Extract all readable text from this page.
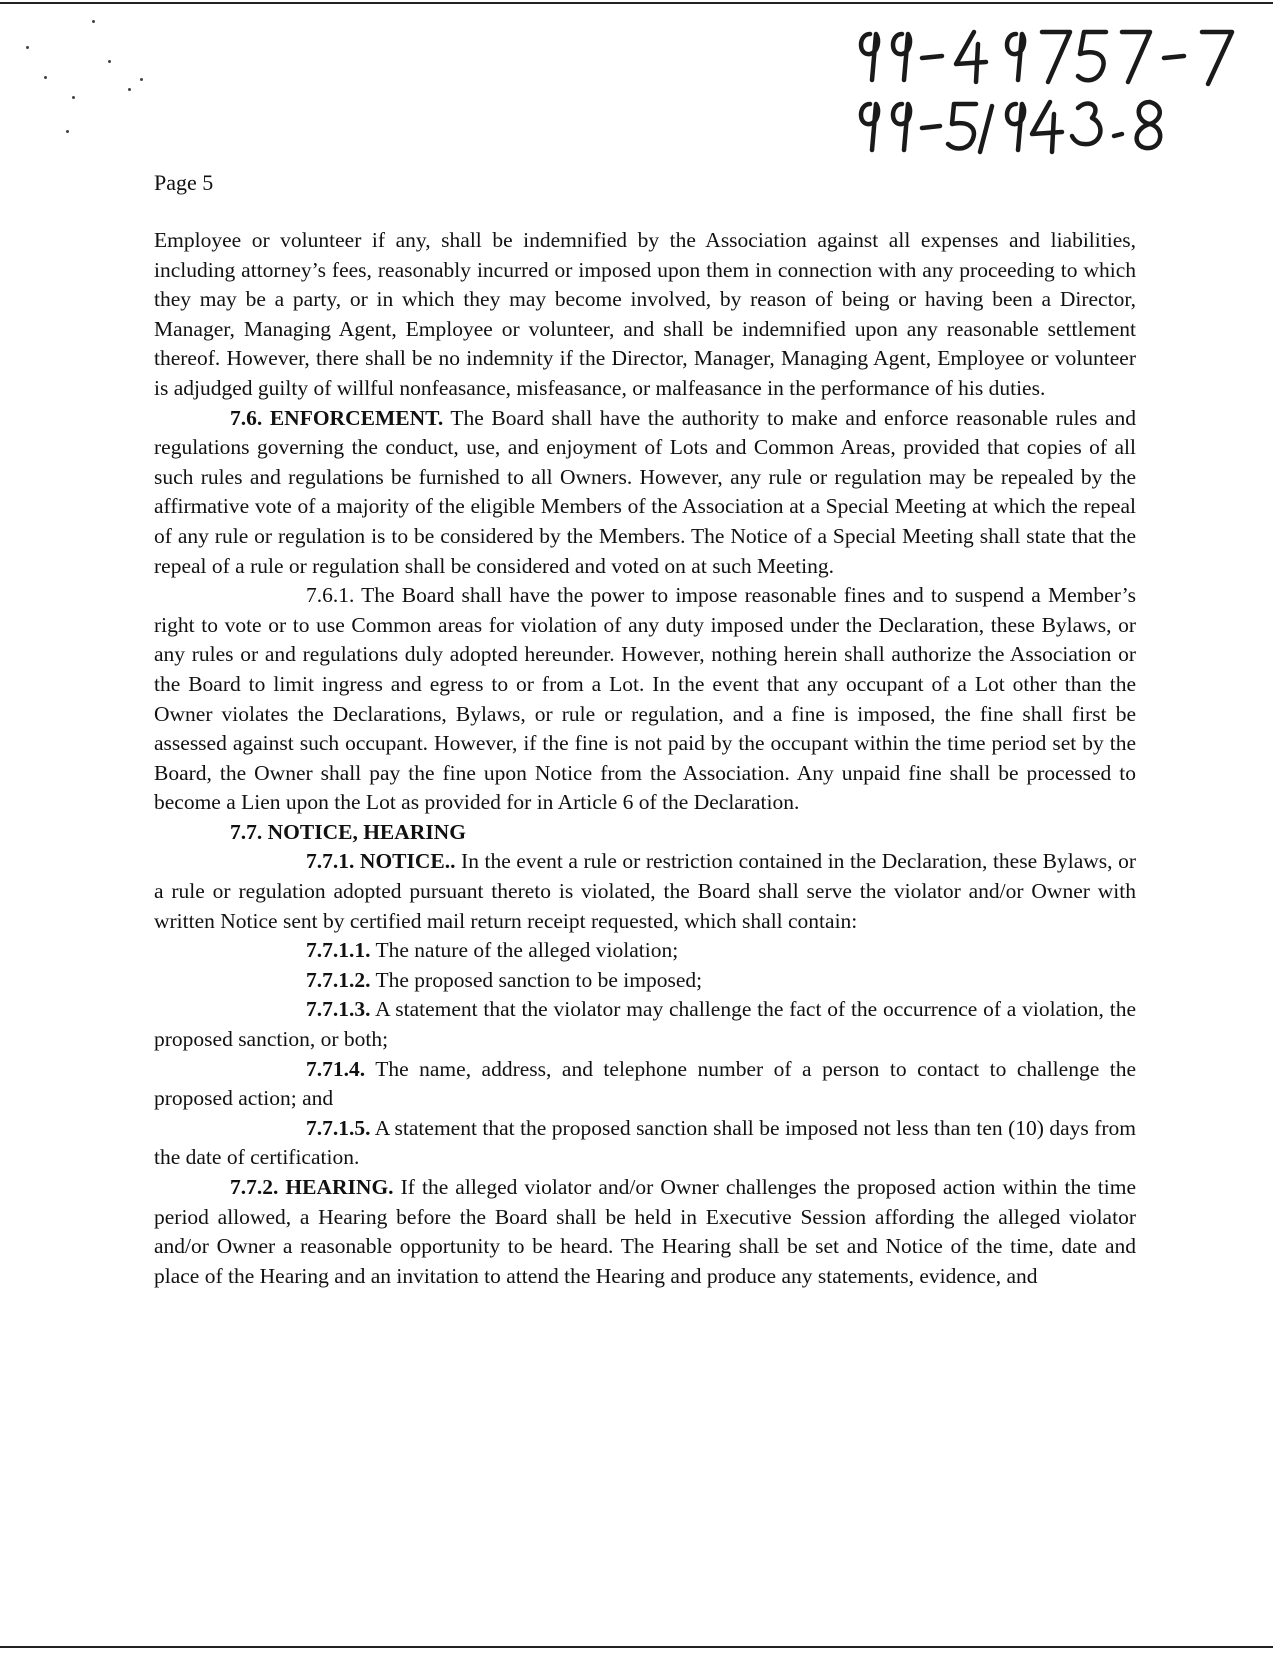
Page 5

Employee or volunteer if any, shall be indemnified by the Association against all expenses and liabilities, including attorney’s fees, reasonably incurred or imposed upon them in connection with any proceeding to which they may be a party, or in which they may become involved, by reason of being or having been a Director, Manager, Managing Agent, Employee or volunteer, and shall be indemnified upon any reasonable settlement thereof. However, there shall be no indemnity if the Director, Manager, Managing Agent, Employee or volunteer is adjudged guilty of willful nonfeasance, misfeasance, or malfeasance in the performance of his duties.

7.6. ENFORCEMENT. The Board shall have the authority to make and enforce reasonable rules and regulations governing the conduct, use, and enjoyment of Lots and Common Areas, provided that copies of all such rules and regulations be furnished to all Owners. However, any rule or regulation may be repealed by the affirmative vote of a majority of the eligible Members of the Association at a Special Meeting at which the repeal of any rule or regulation is to be considered by the Members. The Notice of a Special Meeting shall state that the repeal of a rule or regulation shall be considered and voted on at such Meeting.

7.6.1. The Board shall have the power to impose reasonable fines and to suspend a Member’s right to vote or to use Common areas for violation of any duty imposed under the Declaration, these Bylaws, or any rules or and regulations duly adopted hereunder. However, nothing herein shall authorize the Association or the Board to limit ingress and egress to or from a Lot. In the event that any occupant of a Lot other than the Owner violates the Declarations, Bylaws, or rule or regulation, and a fine is imposed, the fine shall first be assessed against such occupant. However, if the fine is not paid by the occupant within the time period set by the Board, the Owner shall pay the fine upon Notice from the Association. Any unpaid fine shall be processed to become a Lien upon the Lot as provided for in Article 6 of the Declaration.

7.7. NOTICE, HEARING

7.7.1. NOTICE.. In the event a rule or restriction contained in the Declaration, these Bylaws, or a rule or regulation adopted pursuant thereto is violated, the Board shall serve the violator and/or Owner with written Notice sent by certified mail return receipt requested, which shall contain:

7.7.1.1. The nature of the alleged violation;

7.7.1.2. The proposed sanction to be imposed;

7.7.1.3. A statement that the violator may challenge the fact of the occurrence of a violation, the proposed sanction, or both;

7.71.4. The name, address, and telephone number of a person to contact to challenge the proposed action; and

7.7.1.5. A statement that the proposed sanction shall be imposed not less than ten (10) days from the date of certification.

7.7.2. HEARING. If the alleged violator and/or Owner challenges the proposed action within the time period allowed, a Hearing before the Board shall be held in Executive Session affording the alleged violator and/or Owner a reasonable opportunity to be heard. The Hearing shall be set and Notice of the time, date and place of the Hearing and an invitation to attend the Hearing and produce any statements, evidence, and
